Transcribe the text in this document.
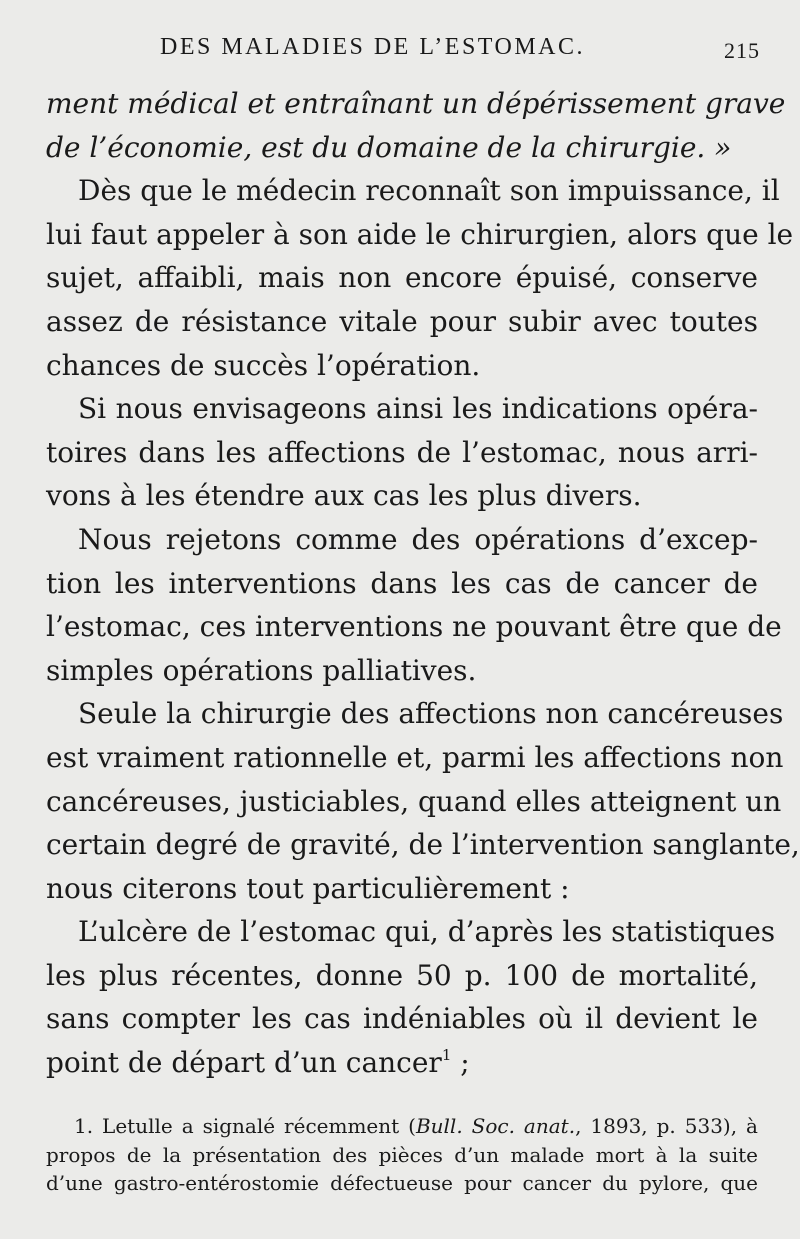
DES MALADIES DE L’ESTOMAC.	215
ment médical et entraînant un dépérissement grave
de l’économie, est du domaine de la chirurgie. »
Dès que le médecin reconnaît son impuissance, il
lui faut appeler à son aide le chirurgien, alors que le
sujet, affaibli, mais non encore épuisé, conserve
assez de résistance vitale pour subir avec toutes
chances de succès l’opération.
Si nous envisageons ainsi les indications opéra-
toires dans les affections de l’estomac, nous arri-
vons à les étendre aux cas les plus divers.
Nous rejetons comme des opérations d’excep-
tion les interventions dans les cas de cancer de
l’estomac, ces interventions ne pouvant être que de
simples opérations palliatives.
Seule la chirurgie des affections non cancéreuses
est vraiment rationnelle et, parmi les affections non
cancéreuses, justiciables, quand elles atteignent un
certain degré de gravité, de l’intervention sanglante,
nous citerons tout particulièrement :
L’ulcère de l’estomac qui, d’après les statistiques
les plus récentes, donne 50 p. 100 de mortalité,
sans compter les cas indéniables où il devient le
point de départ d’un cancer$^1$ ;
1. Letulle a signalé récemment (Bull. Soc. anat., 1893, p. 533), à
propos de la présentation des pièces d’un malade mort à la suite
d’une gastro-entérostomie défectueuse pour cancer du pylore, que
